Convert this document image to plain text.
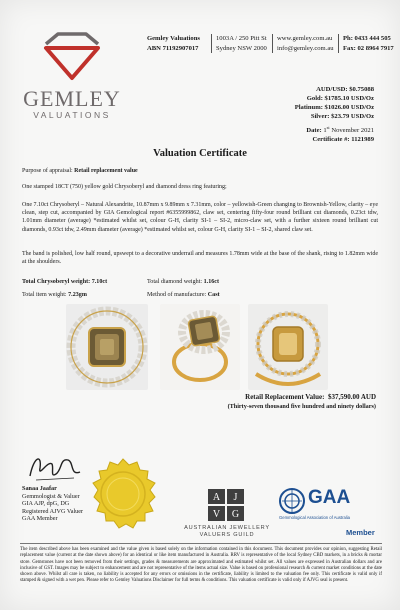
GEMLEY
VALUATIONS
Gemley Valuations
ABN 71192907017
1003A / 250 Pitt St
Sydney NSW 2000
www.gemley.com.au
info@gemley.com.au
Ph: 0433 444 505
Fax: 02 8964 7917
AUD/USD: $0.75088
Gold: $1785.10 USD/Oz
Platinum: $1026.00 USD/Oz
Silver: $23.79 USD/Oz
Date: 1st November 2021
Certificate #: 1121989
Valuation Certificate
Purpose of appraisal: Retail replacement value
One stamped 18CT (750) yellow gold Chrysoberyl and diamond dress ring featuring;
One 7.10ct Chrysoberyl – Natural Alexandrite, 10.87mm x 9.89mm x 7.31mm, color – yellowish-Green changing to Brownish-Yellow, clarity – eye clean, step cut, accompanied by GIA Gemological report #6355999862, claw set, centering fifty-four round brilliant cut diamonds, 0.23ct tdw, 1.01mm diameter (average) *estimated whilst set, colour G-H, clarity SI-1 – SI-2, micro-claw set, with a further sixteen round brilliant cut diamonds, 0.93ct tdw, 2.49mm diameter (average) *estimated whilst set, colour G-H, clarity SI-1 – SI-2, shared claw set.
The band is polished, low half round, upswept to a decorative underrail and measures 1.78mm wide at the base of the shank, rising to 1.82mm wide at the shoulders.
Total Chrysoberyl weight: 7.10ct	Total diamond weight: 1.16ct
Total item weight: 7.23gm	Method of manufacture: Cast
Retail Replacement Value: $37,590.00 AUD
(Thirty-seven thousand five hundred and ninety dollars)
Sanaa Jaafar
Gemmologist & Valuer
GIA AJP, dpG, DG
Registered AJVG Valuer
GAA Member
A J
V G
AUSTRALIAN JEWELLERY
VALUERS GUILD
GAA
Gemmological Association of Australia
Member
The item described above has been examined and the value given is based solely on the information contained in this document. This document provides our opinion, suggesting Retail replacement value (current at the date shown above) for an identical or like item manufactured in Australia. RRV is representative of the local Sydney CBD markets, in a bricks & mortar store. Gemstones have not been removed from their settings, grades & measurements are approximated and estimated whilst set. All values are expressed in Australian dollars and are inclusive of GST. Images may be subject to enhancement and are not representative of the items actual size. Value is based on professional research & current market conditions at the date shown above. Whilst all care is taken, no liability is accepted for any errors or omissions in the certificate, liability is limited to the valuation fee only. This certificate is valid only if stamped & signed with a wet pen. Please refer to Gemley Valuations Disclaimer for full terms & conditions. This valuation certificate is valid only if AJVG seal is present.
